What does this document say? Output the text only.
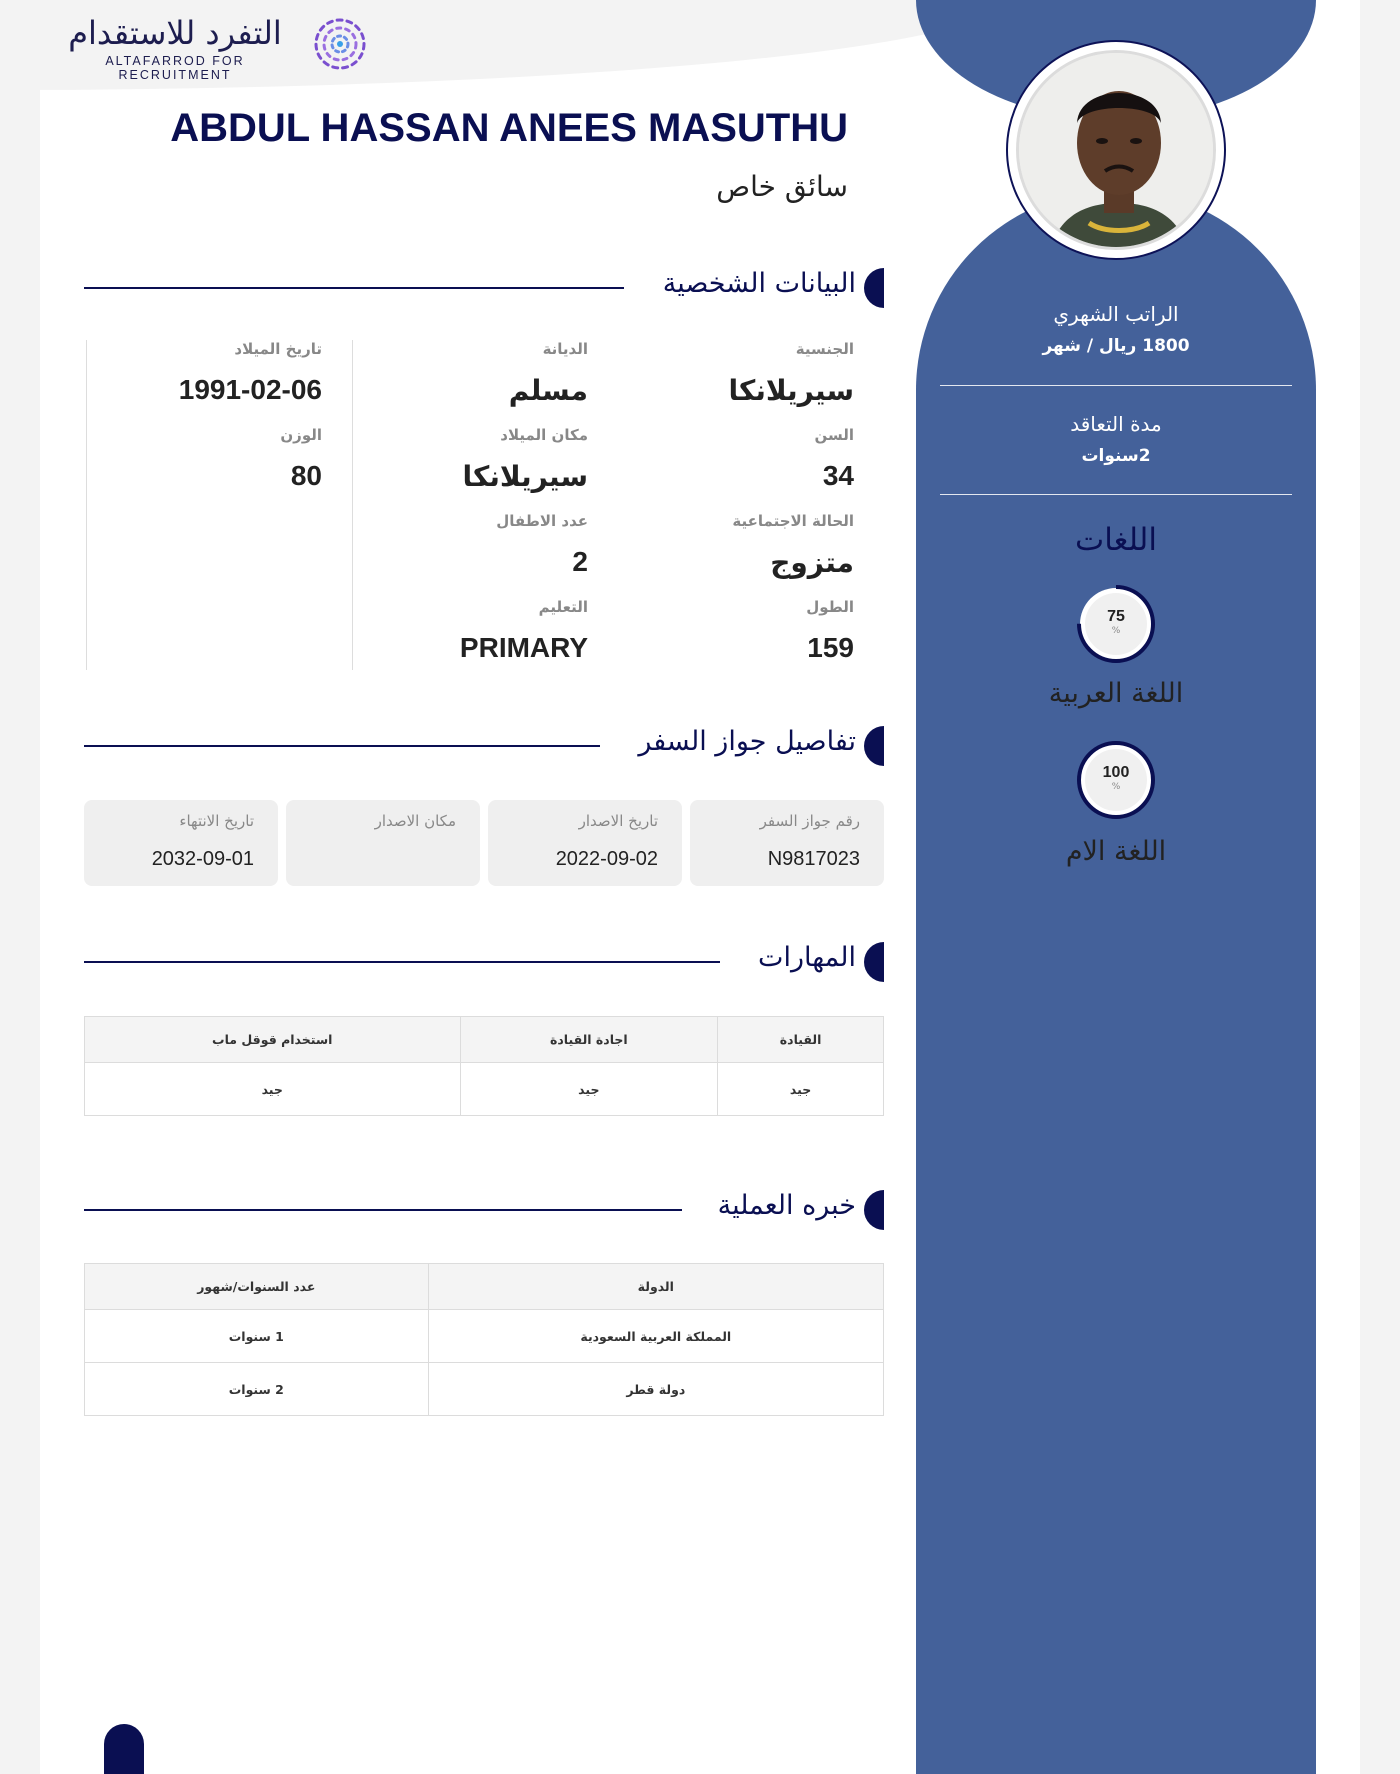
التفرد للاستقدام
ALTAFARROD FOR RECRUITMENT
الراتب الشهري
1800 ريال / شهر
مدة التعاقد
2سنوات
اللغات
75
%
اللغة العربية
100
%
اللغة الام
ABDUL HASSAN ANEES MASUTHU
سائق خاص
البيانات الشخصية
الجنسية
سيريلانكا
السن
34
الحالة الاجتماعية
متزوج
الطول
159
الديانة
مسلم
مكان الميلاد
سيريلانكا
عدد الاطفال
2
التعليم
PRIMARY
تاريخ الميلاد
1991-02-06
الوزن
80
تفاصيل جواز السفر
رقم جواز السفر
N9817023
تاريخ الاصدار
2022-09-02
مكان الاصدار
تاريخ الانتهاء
2032-09-01
المهارات
القيادة	اجادة القيادة	استخدام قوقل ماب
جيد	جيد	جيد
خبره العملية
الدولة	عدد السنوات/شهور
المملكة العربية السعودية	1 سنوات
دولة قطر	2 سنوات
